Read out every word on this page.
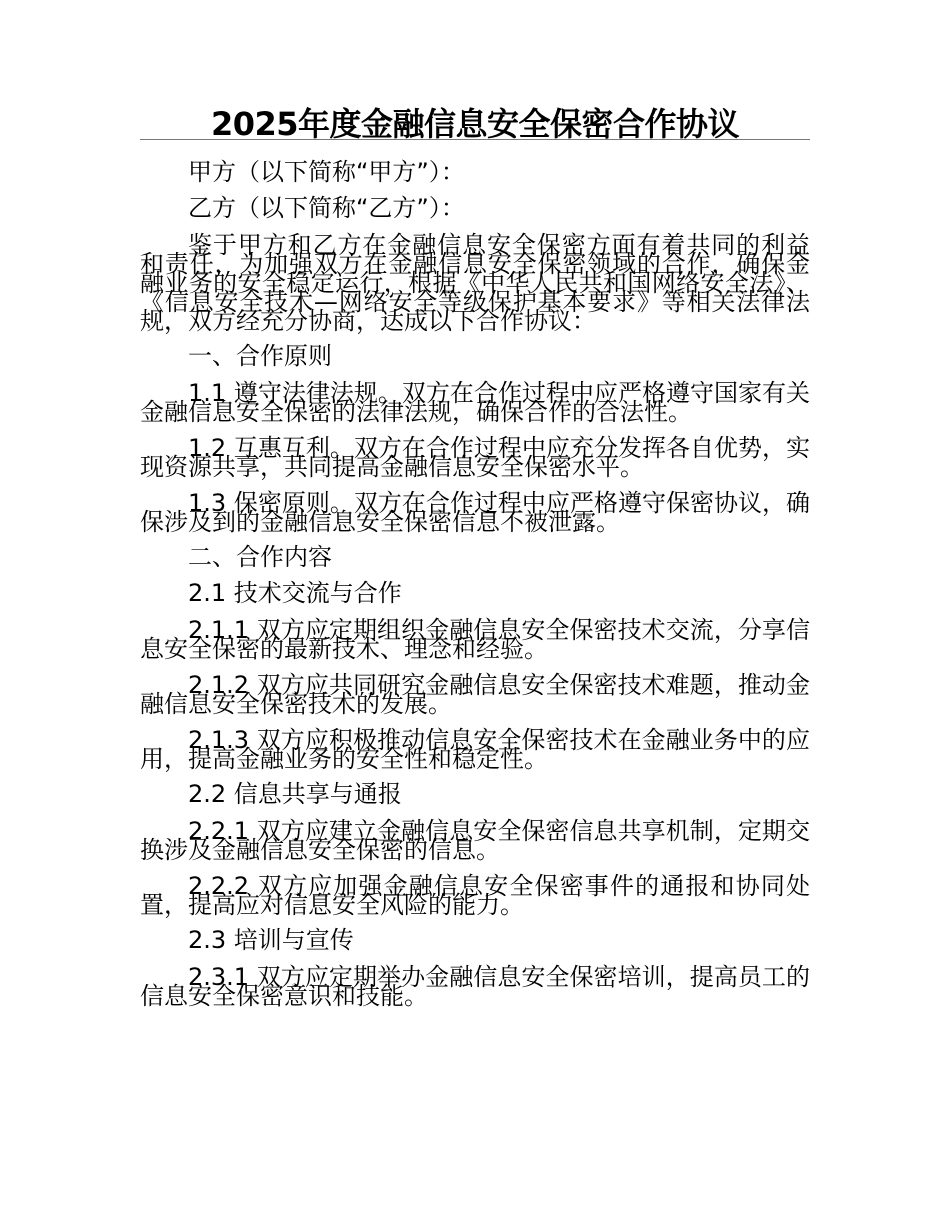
2025年度金融信息安全保密合作协议

甲方（以下简称“甲方”）：

乙方（以下简称“乙方”）：

鉴于甲方和乙方在金融信息安全保密方面有着共同的利益和责任，为加强双方在金融信息安全保密领域的合作，确保金融业务的安全稳定运行，根据《中华人民共和国网络安全法》、《信息安全技术—网络安全等级保护基本要求》等相关法律法规，双方经充分协商，达成以下合作协议：

一、合作原则

1.1 遵守法律法规。双方在合作过程中应严格遵守国家有关金融信息安全保密的法律法规，确保合作的合法性。

1.2 互惠互利。双方在合作过程中应充分发挥各自优势，实现资源共享，共同提高金融信息安全保密水平。

1.3 保密原则。双方在合作过程中应严格遵守保密协议，确保涉及到的金融信息安全保密信息不被泄露。

二、合作内容

2.1 技术交流与合作

2.1.1 双方应定期组织金融信息安全保密技术交流，分享信息安全保密的最新技术、理念和经验。

2.1.2 双方应共同研究金融信息安全保密技术难题，推动金融信息安全保密技术的发展。

2.1.3 双方应积极推动信息安全保密技术在金融业务中的应用，提高金融业务的安全性和稳定性。

2.2 信息共享与通报

2.2.1 双方应建立金融信息安全保密信息共享机制，定期交换涉及金融信息安全保密的信息。

2.2.2 双方应加强金融信息安全保密事件的通报和协同处置，提高应对信息安全风险的能力。

2.3 培训与宣传

2.3.1 双方应定期举办金融信息安全保密培训，提高员工的信息安全保密意识和技能。
